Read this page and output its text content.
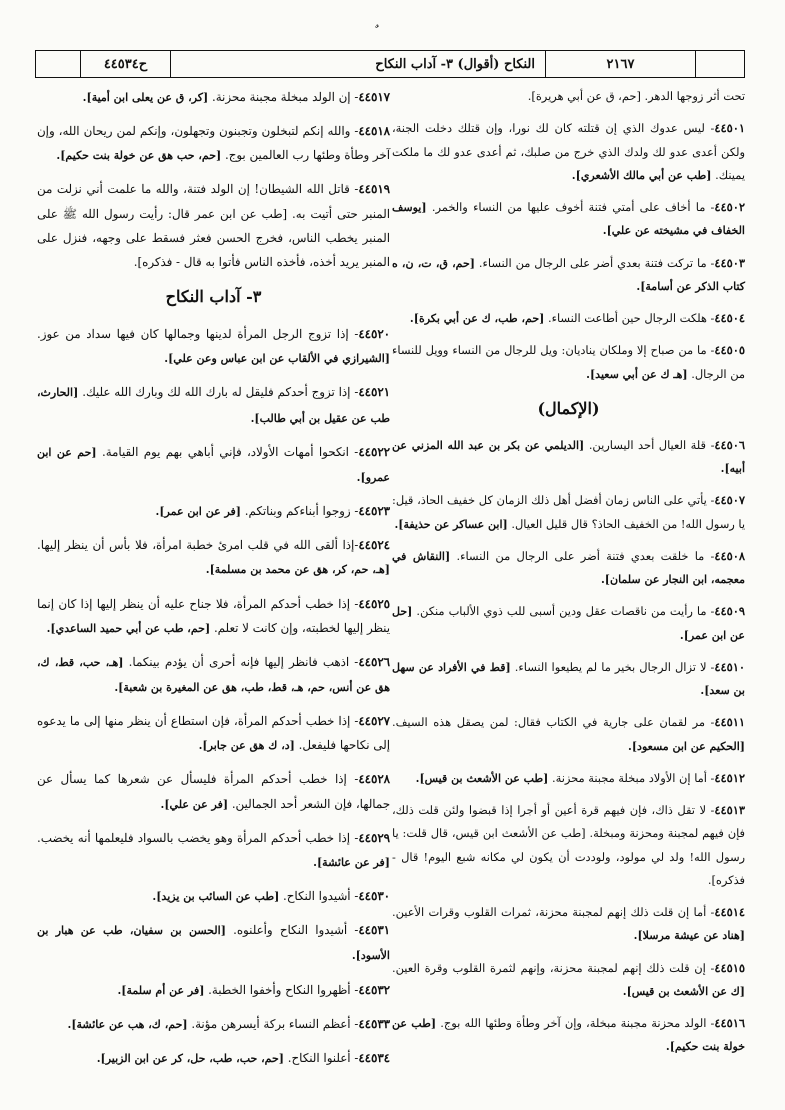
ح٤٤٥٣٤	النكاح (أقوال) ٣- آداب النكاح	٢١٦٧
تحت أثر زوجها الدهر. [حم، ق عن أبي هريرة].
٤٤٥٠١- ليس عدوك الذي إن قتلته كان لك نورا، وإن قتلك دخلت الجنة، ولكن أعدى عدو لك ولدك الذي خرج من صلبك، ثم أعدى عدو لك ما ملكت يمينك. [طب عن أبي مالك الأشعري].
٤٤٥٠٢- ما أخاف على أمتي فتنة أخوف عليها من النساء والخمر. [يوسف الخفاف في مشيخته عن علي].
٤٤٥٠٣- ما تركت فتنة بعدي أضر على الرجال من النساء. [حم، ق، ت، ن، ه كتاب الذكر عن أسامة].
٤٤٥٠٤- هلكت الرجال حين أطاعت النساء. [حم، طب، ك عن أبي بكرة].
٤٤٥٠٥- ما من صباح إلا وملكان يناديان: ويل للرجال من النساء وويل للنساء من الرجال. [هـ ك عن أبي سعيد].
(الإكمال)
٤٤٥٠٦- قلة العيال أحد اليسارين. [الديلمي عن بكر بن عبد الله المزني عن أبيه].
٤٤٥٠٧- يأتي على الناس زمان أفضل أهل ذلك الزمان كل خفيف الحاذ، قيل: يا رسول الله! من الخفيف الحاذ؟ قال قليل العيال. [ابن عساكر عن حذيفة].
٤٤٥٠٨- ما خلقت بعدي فتنة أضر على الرجال من النساء. [النقاش في معجمه، ابن النجار عن سلمان].
٤٤٥٠٩- ما رأيت من ناقصات عقل ودين أسبى للب ذوي الألباب منكن. [حل عن ابن عمر].
٤٤٥١٠- لا تزال الرجال بخير ما لم يطيعوا النساء. [قط في الأفراد عن سهل بن سعد].
٤٤٥١١- مر لقمان على جارية في الكتاب فقال: لمن يصقل هذه السيف. [الحكيم عن ابن مسعود].
٤٤٥١٢- أما إن الأولاد مبخلة مجبنة محزنة. [طب عن الأشعث بن قيس].
٤٤٥١٣- لا تقل ذاك، فإن فيهم قرة أعين أو أجرا إذا قبضوا ولئن قلت ذلك، فإن فيهم لمجبنة ومحزنة ومبخلة. [طب عن الأشعث ابن قيس، قال قلت: يا رسول الله! ولد لي مولود، ولوددت أن يكون لي مكانه شبع اليوم! قال - فذكره].
٤٤٥١٤- أما إن قلت ذلك إنهم لمجبنة محزنة، ثمرات القلوب وقرات الأعين. [هناد عن عيشة مرسلا].
٤٤٥١٥- إن قلت ذلك إنهم لمجبنة محزنة، وإنهم لثمرة القلوب وقرة العين. [ك عن الأشعث بن قيس].
٤٤٥١٦- الولد محزنة مجبنة مبخلة، وإن آخر وطأة وطئها الله بوج. [طب عن خولة بنت حكيم].
٤٤٥١٧- إن الولد مبخلة مجبنة محزنة. [كر، ق عن يعلى ابن أمية].
٤٤٥١٨- والله إنكم لتبخلون وتجبنون وتجهلون، وإنكم لمن ريحان الله، وإن آخر وطأة وطئها رب العالمين بوج. [حم، حب هق عن خولة بنت حكيم].
٤٤٥١٩- قاتل الله الشيطان! إن الولد فتنة، والله ما علمت أني نزلت من المنبر حتى أتيت به. [طب عن ابن عمر قال: رأيت رسول الله ﷺ على المنبر يخطب الناس، فخرج الحسن فعثر فسقط على وجهه، فنزل على المنبر يريد أخذه، فأخذه الناس فأتوا به قال - فذكره].
٣- آداب النكاح
٤٤٥٢٠- إذا تزوج الرجل المرأة لدينها وجمالها كان فيها سداد من عوز. [الشيرازي في الألقاب عن ابن عباس وعن علي].
٤٤٥٢١- إذا تزوج أحدكم فليقل له بارك الله لك وبارك الله عليك. [الحارث، طب عن عقيل بن أبي طالب].
٤٤٥٢٢- انكحوا أمهات الأولاد، فإني أباهي بهم يوم القيامة. [حم عن ابن عمرو].
٤٤٥٢٣- زوجوا أبناءكم وبناتكم. [فر عن ابن عمر].
٤٤٥٢٤-إذا ألقى الله في قلب امرئ خطبة امرأة، فلا بأس أن ينظر إليها. [هـ، حم، كر، هق عن محمد بن مسلمة].
٤٤٥٢٥- إذا خطب أحدكم المرأة، فلا جناح عليه أن ينظر إليها إذا كان إنما ينظر إليها لخطبته، وإن كانت لا تعلم. [حم، طب عن أبي حميد الساعدي].
٤٤٥٢٦- اذهب فانظر إليها فإنه أحرى أن يؤدم بينكما. [هـ، حب، قط، ك، هق عن أنس، حم، هـ، قط، طب، هق عن المغيرة بن شعبة].
٤٤٥٢٧- إذا خطب أحدكم المرأة، فإن استطاع أن ينظر منها إلى ما يدعوه إلى نكاحها فليفعل. [د، ك هق عن جابر].
٤٤٥٢٨- إذا خطب أحدكم المرأة فليسأل عن شعرها كما يسأل عن جمالها، فإن الشعر أحد الجمالين. [فر عن علي].
٤٤٥٢٩- إذا خطب أحدكم المرأة وهو يخضب بالسواد فليعلمها أنه يخضب. [فر عن عائشة].
٤٤٥٣٠- أشيدوا النكاح. [طب عن السائب بن يزيد].
٤٤٥٣١- أشيدوا النكاح وأعلنوه. [الحسن بن سفيان، طب عن هبار بن الأسود].
٤٤٥٣٢- أظهروا النكاح وأخفوا الخطبة. [فر عن أم سلمة].
٤٤٥٣٣- أعظم النساء بركة أيسرهن مؤنة. [حم، ك، هب عن عائشة].
٤٤٥٣٤- أعلنوا النكاح. [حم، حب، طب، حل، كر عن ابن الزبير].
